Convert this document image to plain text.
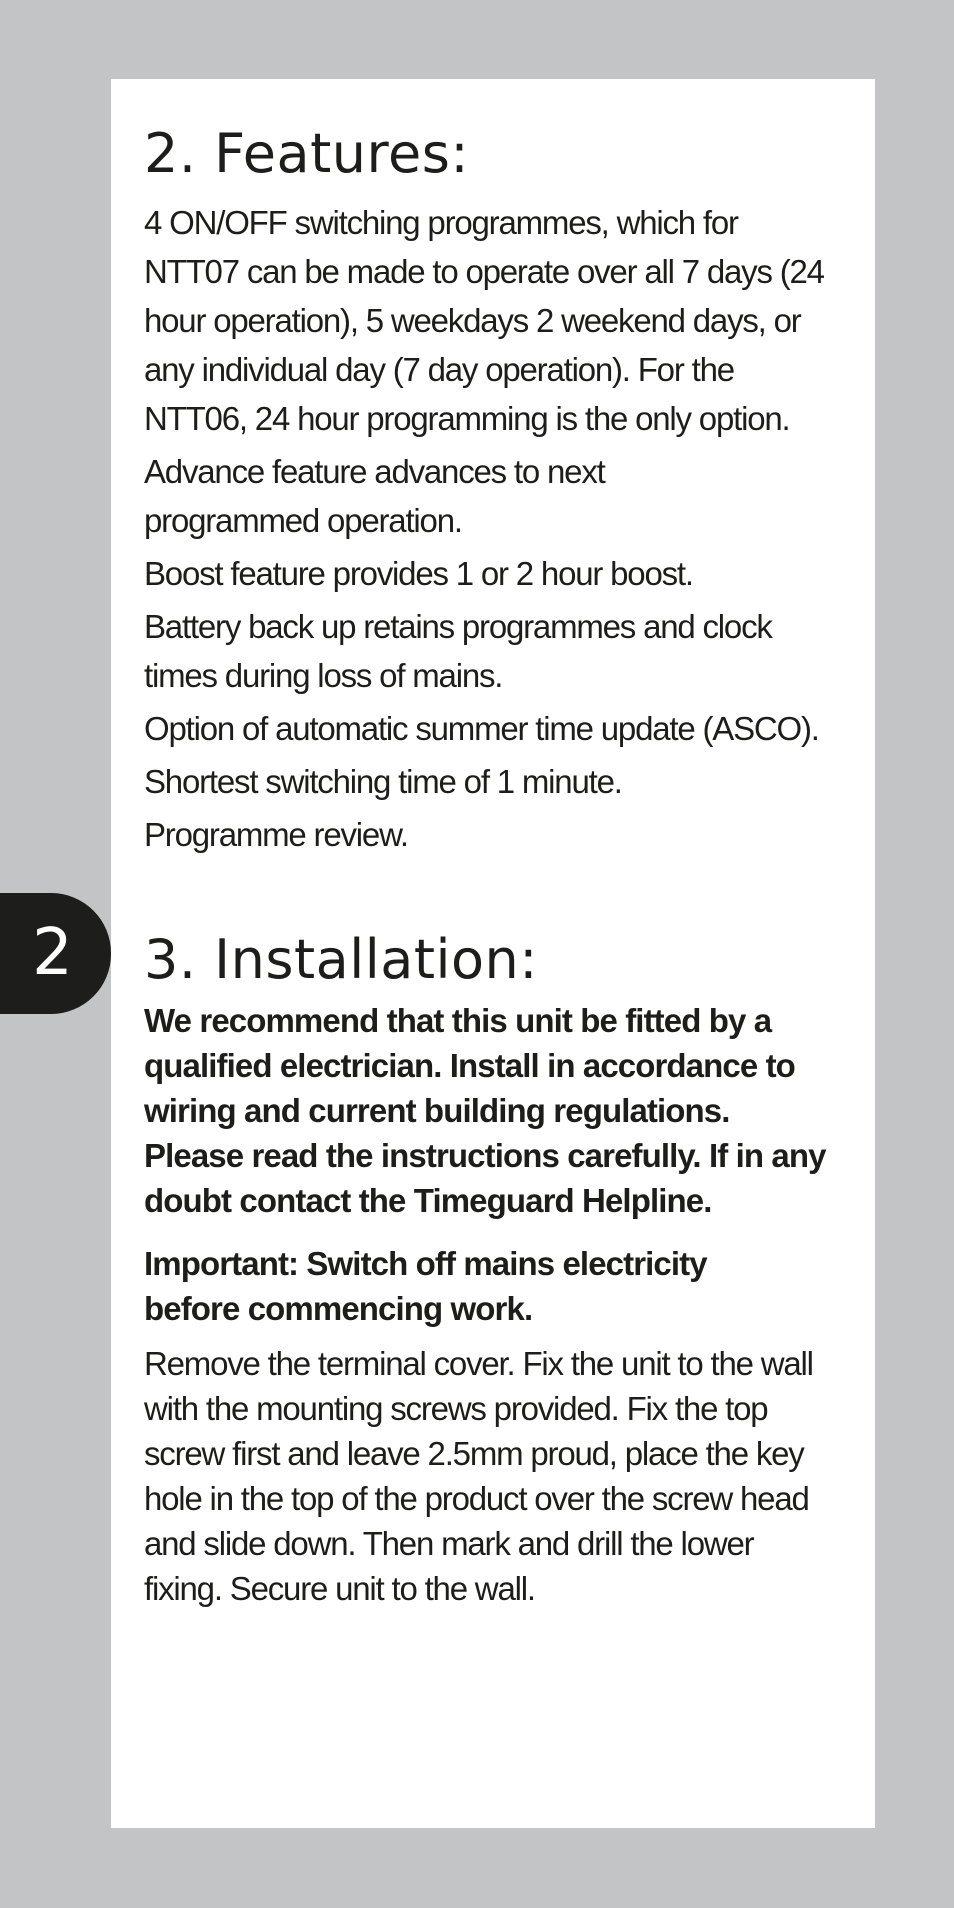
2
2. Features:

4 ON/OFF switching programmes, which for NTT07 can be made to operate over all 7 days (24 hour operation), 5 weekdays 2 weekend days, or any individual day (7 day operation). For the NTT06, 24 hour programming is the only option.

Advance feature advances to next programmed operation.

Boost feature provides 1 or 2 hour boost.

Battery back up retains programmes and clock times during loss of mains.

Option of automatic summer time update (ASCO).

Shortest switching time of 1 minute.

Programme review.

3. Installation:

We recommend that this unit be fitted by a qualified electrician. Install in accordance to wiring and current building regulations. Please read the instructions carefully. If in any doubt contact the Timeguard Helpline.

Important: Switch off mains electricity before commencing work.

Remove the terminal cover. Fix the unit to the wall with the mounting screws provided. Fix the top screw first and leave 2.5mm proud, place the key hole in the top of the product over the screw head and slide down. Then mark and drill the lower fixing. Secure unit to the wall.
